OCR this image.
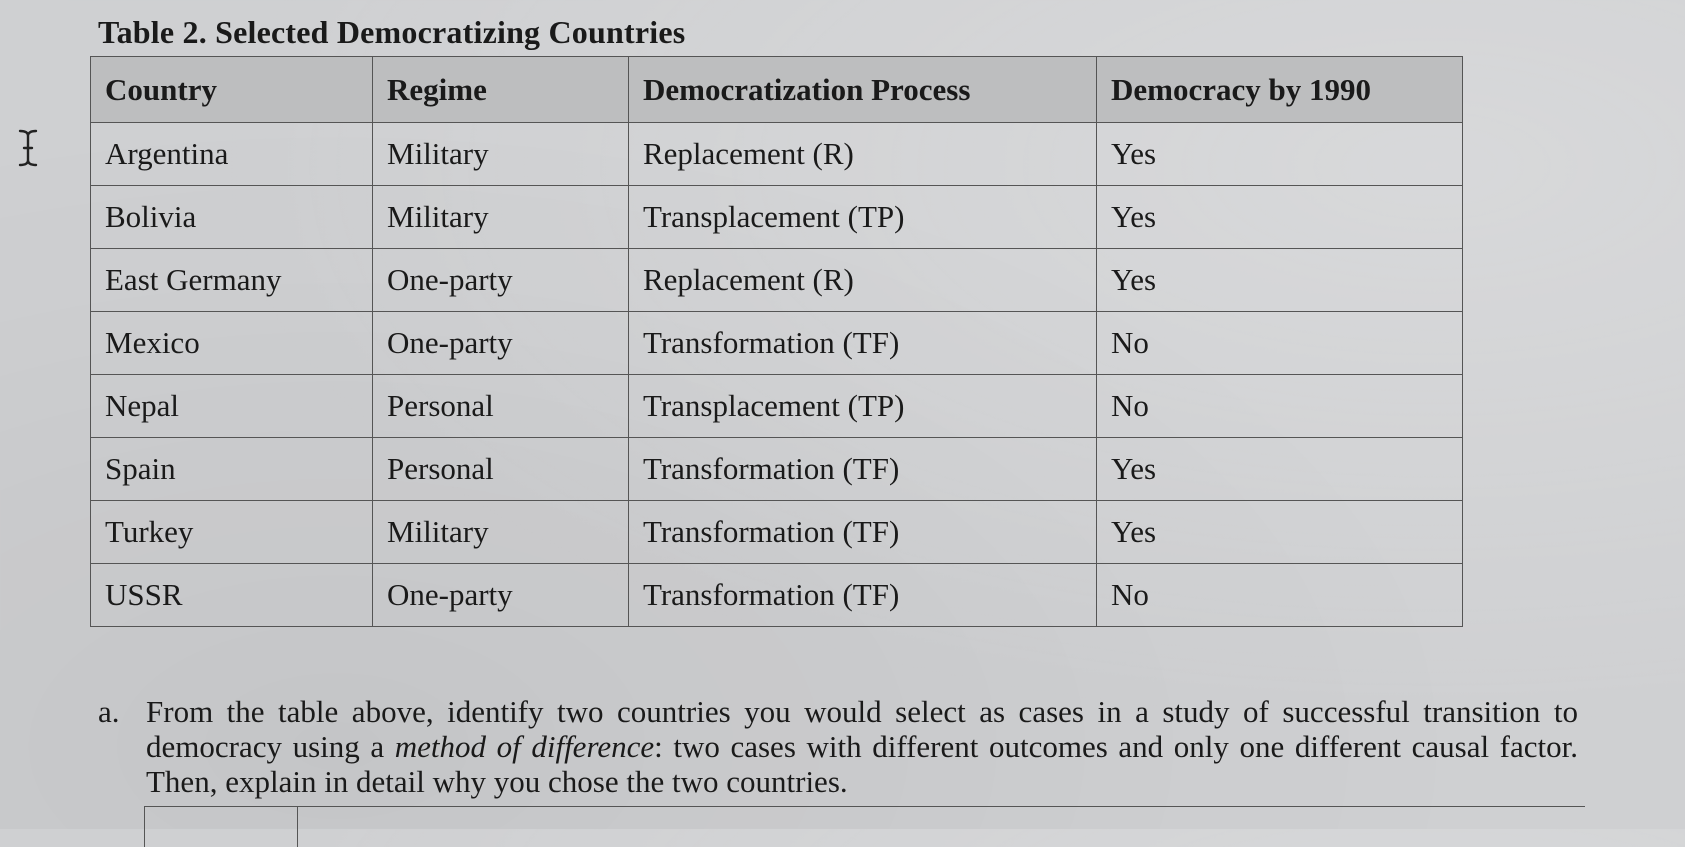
Table 2. Selected Democratizing Countries
Country	Regime	Democratization Process	Democracy by 1990
Argentina	Military	Replacement (R)	Yes
Bolivia	Military	Transplacement (TP)	Yes
East Germany	One-party	Replacement (R)	Yes
Mexico	One-party	Transformation (TF)	No
Nepal	Personal	Transplacement (TP)	No
Spain	Personal	Transformation (TF)	Yes
Turkey	Military	Transformation (TF)	Yes
USSR	One-party	Transformation (TF)	No
a. From the table above, identify two countries you would select as cases in a study of successful transition to democracy using a method of difference: two cases with different outcomes and only one different causal factor. Then, explain in detail why you chose the two countries.
